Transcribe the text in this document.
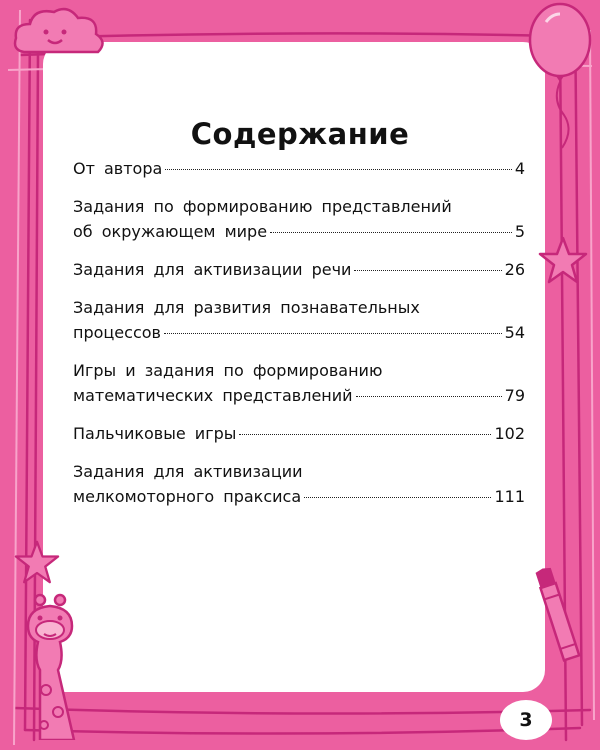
Содержание
От автора	4
Задания по формированию представлений
об окружающем мире	5
Задания для активизации речи	26
Задания для развития познавательных
процессов	54
Игры и задания по формированию
математических представлений	79
Пальчиковые игры	102
Задания для активизации
мелкомоторного праксиса	111
3
